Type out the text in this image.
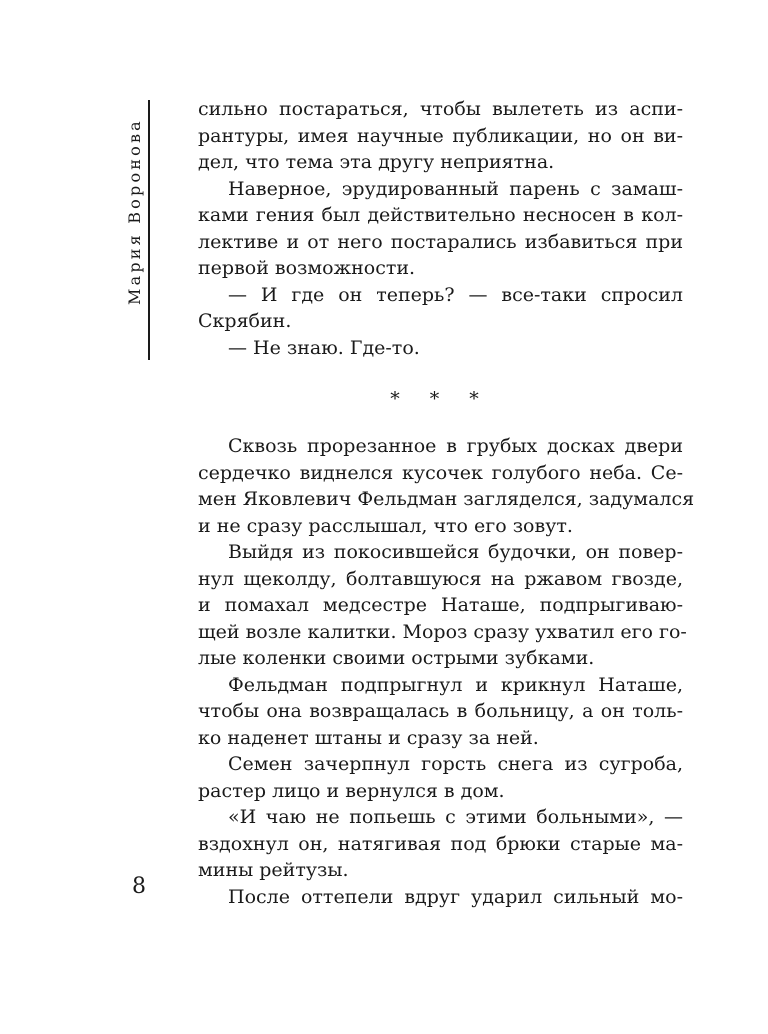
Мария Воронова
сильно постараться, чтобы вылететь из аспи-
рантуры, имея научные публикации, но он ви-
дел, что тема эта другу неприятна.
Наверное, эрудированный парень с замаш-
ками гения был действительно несносен в кол-
лективе и от него постарались избавиться при
первой возможности.
— И где он теперь? — все-таки спросил
Скрябин.
— Не знаю. Где-то.
* * *
Сквозь прорезанное в грубых досках двери
сердечко виднелся кусочек голубого неба. Се-
мен Яковлевич Фельдман загляделся, задумался
и не сразу расслышал, что его зовут.
Выйдя из покосившейся будочки, он повер-
нул щеколду, болтавшуюся на ржавом гвозде,
и помахал медсестре Наташе, подпрыгиваю-
щей возле калитки. Мороз сразу ухватил его го-
лые коленки своими острыми зубками.
Фельдман подпрыгнул и крикнул Наташе,
чтобы она возвращалась в больницу, а он толь-
ко наденет штаны и сразу за ней.
Семен зачерпнул горсть снега из сугроба,
растер лицо и вернулся в дом.
«И чаю не попьешь с этими больными», —
вздохнул он, натягивая под брюки старые ма-
мины рейтузы.
После оттепели вдруг ударил сильный мо-
8
